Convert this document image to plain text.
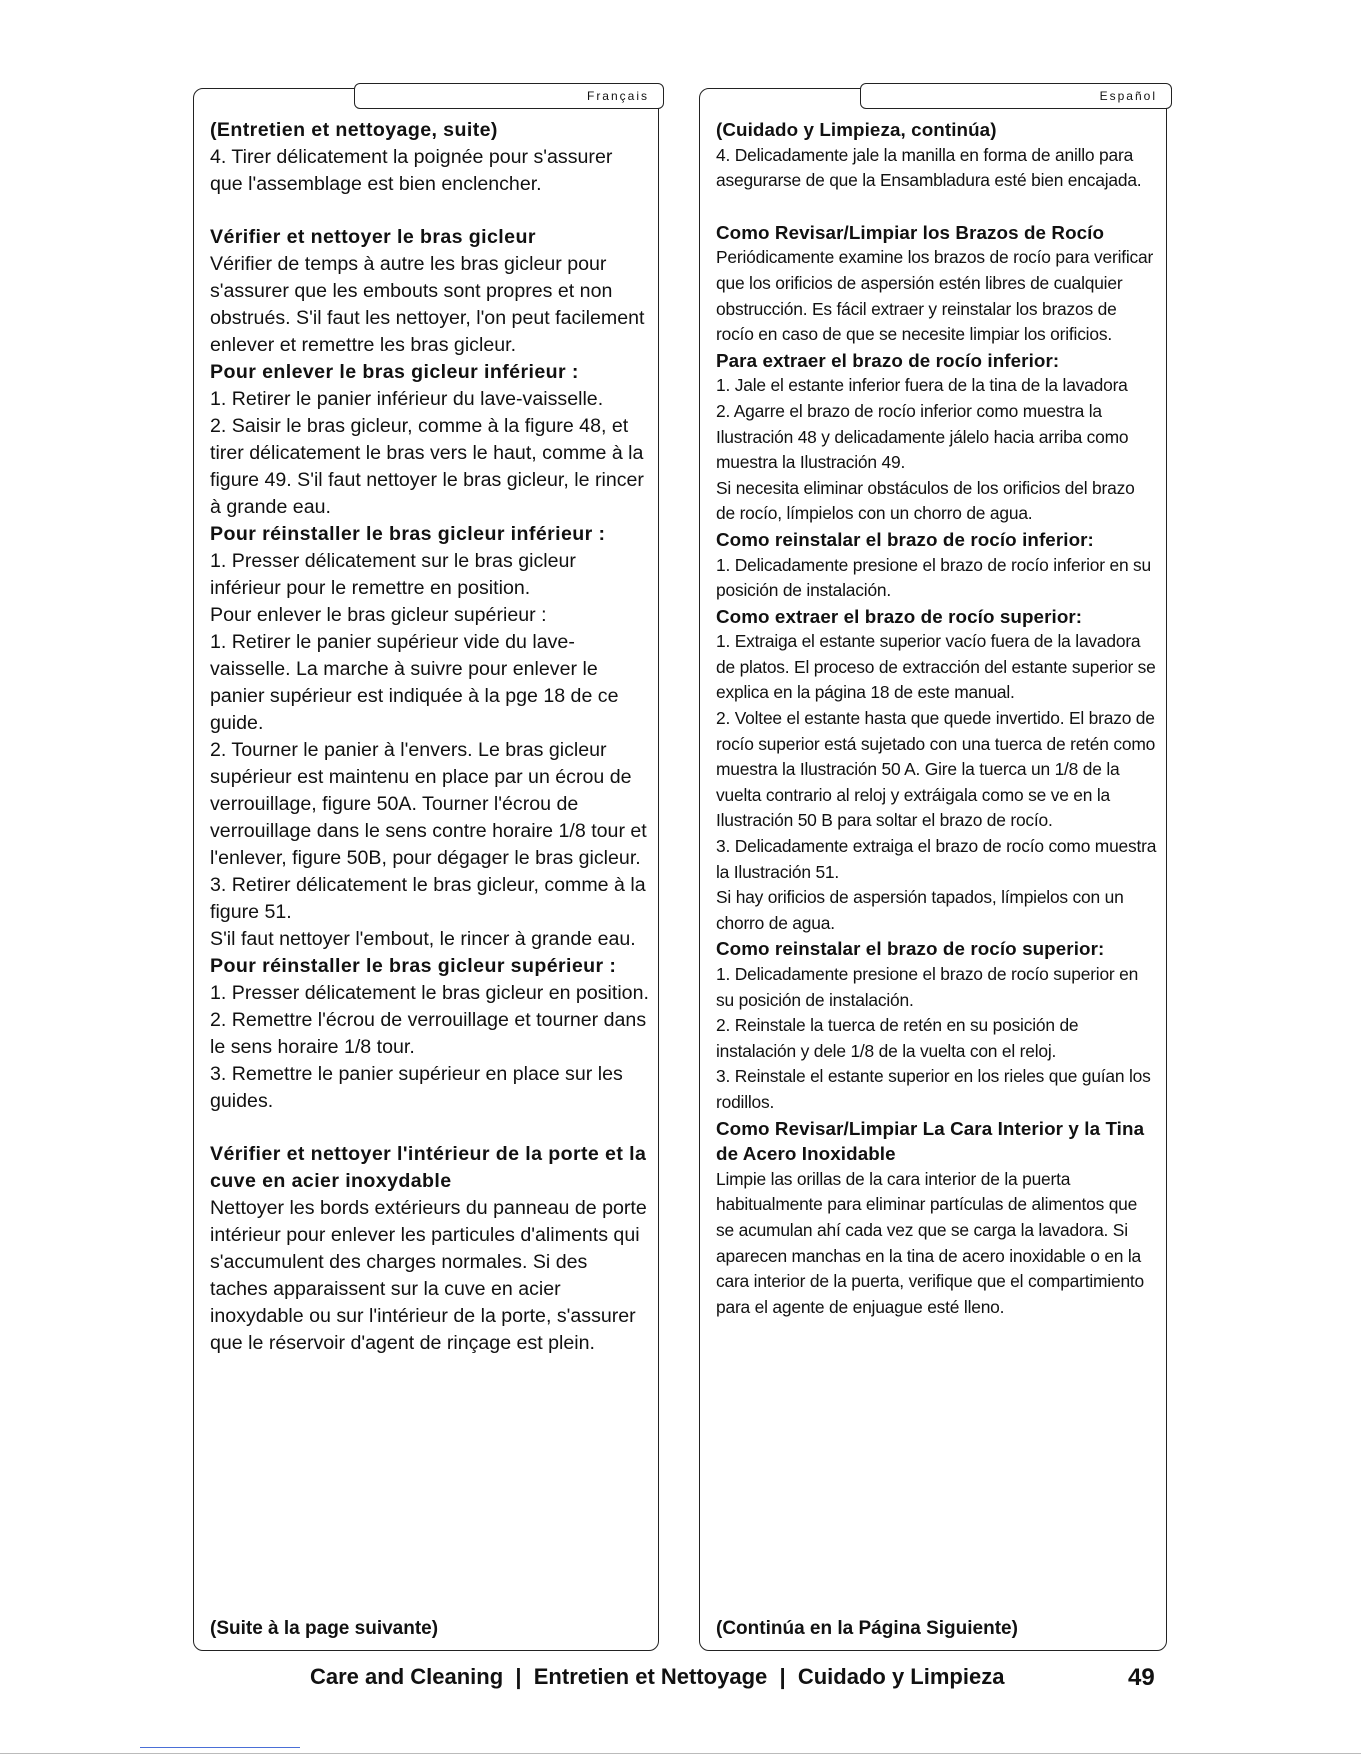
Français
(Entretien et nettoyage, suite)

4. Tirer délicatement la poignée pour s'assurer que l'assemblage est bien enclencher.

Vérifier et nettoyer le bras gicleur

Vérifier de temps à autre les bras gicleur pour s'assurer que les embouts sont propres et non obstrués. S'il faut les nettoyer, l'on peut facilement enlever et remettre les bras gicleur.

Pour enlever le bras gicleur inférieur :

1. Retirer le panier inférieur du lave-vaisselle.

2. Saisir le bras gicleur, comme à la figure 48, et tirer délicatement le bras vers le haut, comme à la figure 49. S'il faut nettoyer le bras gicleur, le rincer à grande eau.

Pour réinstaller le bras gicleur inférieur :

1. Presser délicatement sur le bras gicleur inférieur pour le remettre en position.

Pour enlever le bras gicleur supérieur :

1. Retirer le panier supérieur vide du lave-vaisselle. La marche à suivre pour enlever le panier supérieur est indiquée à la pge 18 de ce guide.

2. Tourner le panier à l'envers. Le bras gicleur supérieur est maintenu en place par un écrou de verrouillage, figure 50A. Tourner l'écrou de verrouillage dans le sens contre horaire 1/8 tour et l'enlever, figure 50B, pour dégager le bras gicleur.

3. Retirer délicatement le bras gicleur, comme à la figure 51.

S'il faut nettoyer l'embout, le rincer à grande eau.

Pour réinstaller le bras gicleur supérieur :

1. Presser délicatement le bras gicleur en position.

2. Remettre l'écrou de verrouillage et tourner dans le sens horaire 1/8 tour.

3. Remettre le panier supérieur en place sur les guides.

Vérifier et nettoyer l'intérieur de la porte et la cuve en acier inoxydable

Nettoyer les bords extérieurs du panneau de porte intérieur pour enlever les particules d'aliments qui s'accumulent des charges normales. Si des taches apparaissent sur la cuve en acier inoxydable ou sur l'intérieur de la porte, s'assurer que le réservoir d'agent de rinçage est plein.

(Suite à la page suivante)
Español
(Cuidado y Limpieza, continúa)

4. Delicadamente jale la manilla en forma de anillo para asegurarse de que la Ensambladura esté bien encajada.

Como Revisar/Limpiar los Brazos de Rocío

Periódicamente examine los brazos de rocío para verificar que los orificios de aspersión estén libres de cualquier obstrucción. Es fácil extraer y reinstalar los brazos de rocío en caso de que se necesite limpiar los orificios.

Para extraer el brazo de rocío inferior:

1. Jale el estante inferior fuera de la tina de la lavadora

2. Agarre el brazo de rocío inferior como muestra la Ilustración 48 y delicadamente jálelo hacia arriba como muestra la Ilustración 49.

Si necesita eliminar obstáculos de los orificios del brazo de rocío, límpielos con un chorro de agua.

Como reinstalar el brazo de rocío inferior:

1. Delicadamente presione el brazo de rocío inferior en su posición de instalación.

Como extraer el brazo de rocío superior:

1. Extraiga el estante superior vacío fuera de la lavadora de platos. El proceso de extracción del estante superior se explica en la página 18 de este manual.

2. Voltee el estante hasta que quede invertido. El brazo de rocío superior está sujetado con una tuerca de retén como muestra la Ilustración 50 A. Gire la tuerca un 1/8 de la vuelta contrario al reloj y extráigala como se ve en la Ilustración 50 B para soltar el brazo de rocío.

3. Delicadamente extraiga el brazo de rocío como muestra la Ilustración 51.

Si hay orificios de aspersión tapados, límpielos con un chorro de agua.

Como reinstalar el brazo de rocío superior:

1. Delicadamente presione el brazo de rocío superior en su posición de instalación.

2. Reinstale la tuerca de retén en su posición de instalación y dele 1/8 de la vuelta con el reloj.

3. Reinstale el estante superior en los rieles que guían los rodillos.

Como Revisar/Limpiar La Cara Interior y la Tina de Acero Inoxidable

Limpie las orillas de la cara interior de la puerta habitualmente para eliminar partículas de alimentos que se acumulan ahí cada vez que se carga la lavadora. Si aparecen manchas en la tina de acero inoxidable o en la cara interior de la puerta, verifique que el compartimiento para el agente de enjuague esté lleno.

(Continúa en la Página Siguiente)
Care and Cleaning  |  Entretien et Nettoyage  |  Cuidado y Limpieza	49
